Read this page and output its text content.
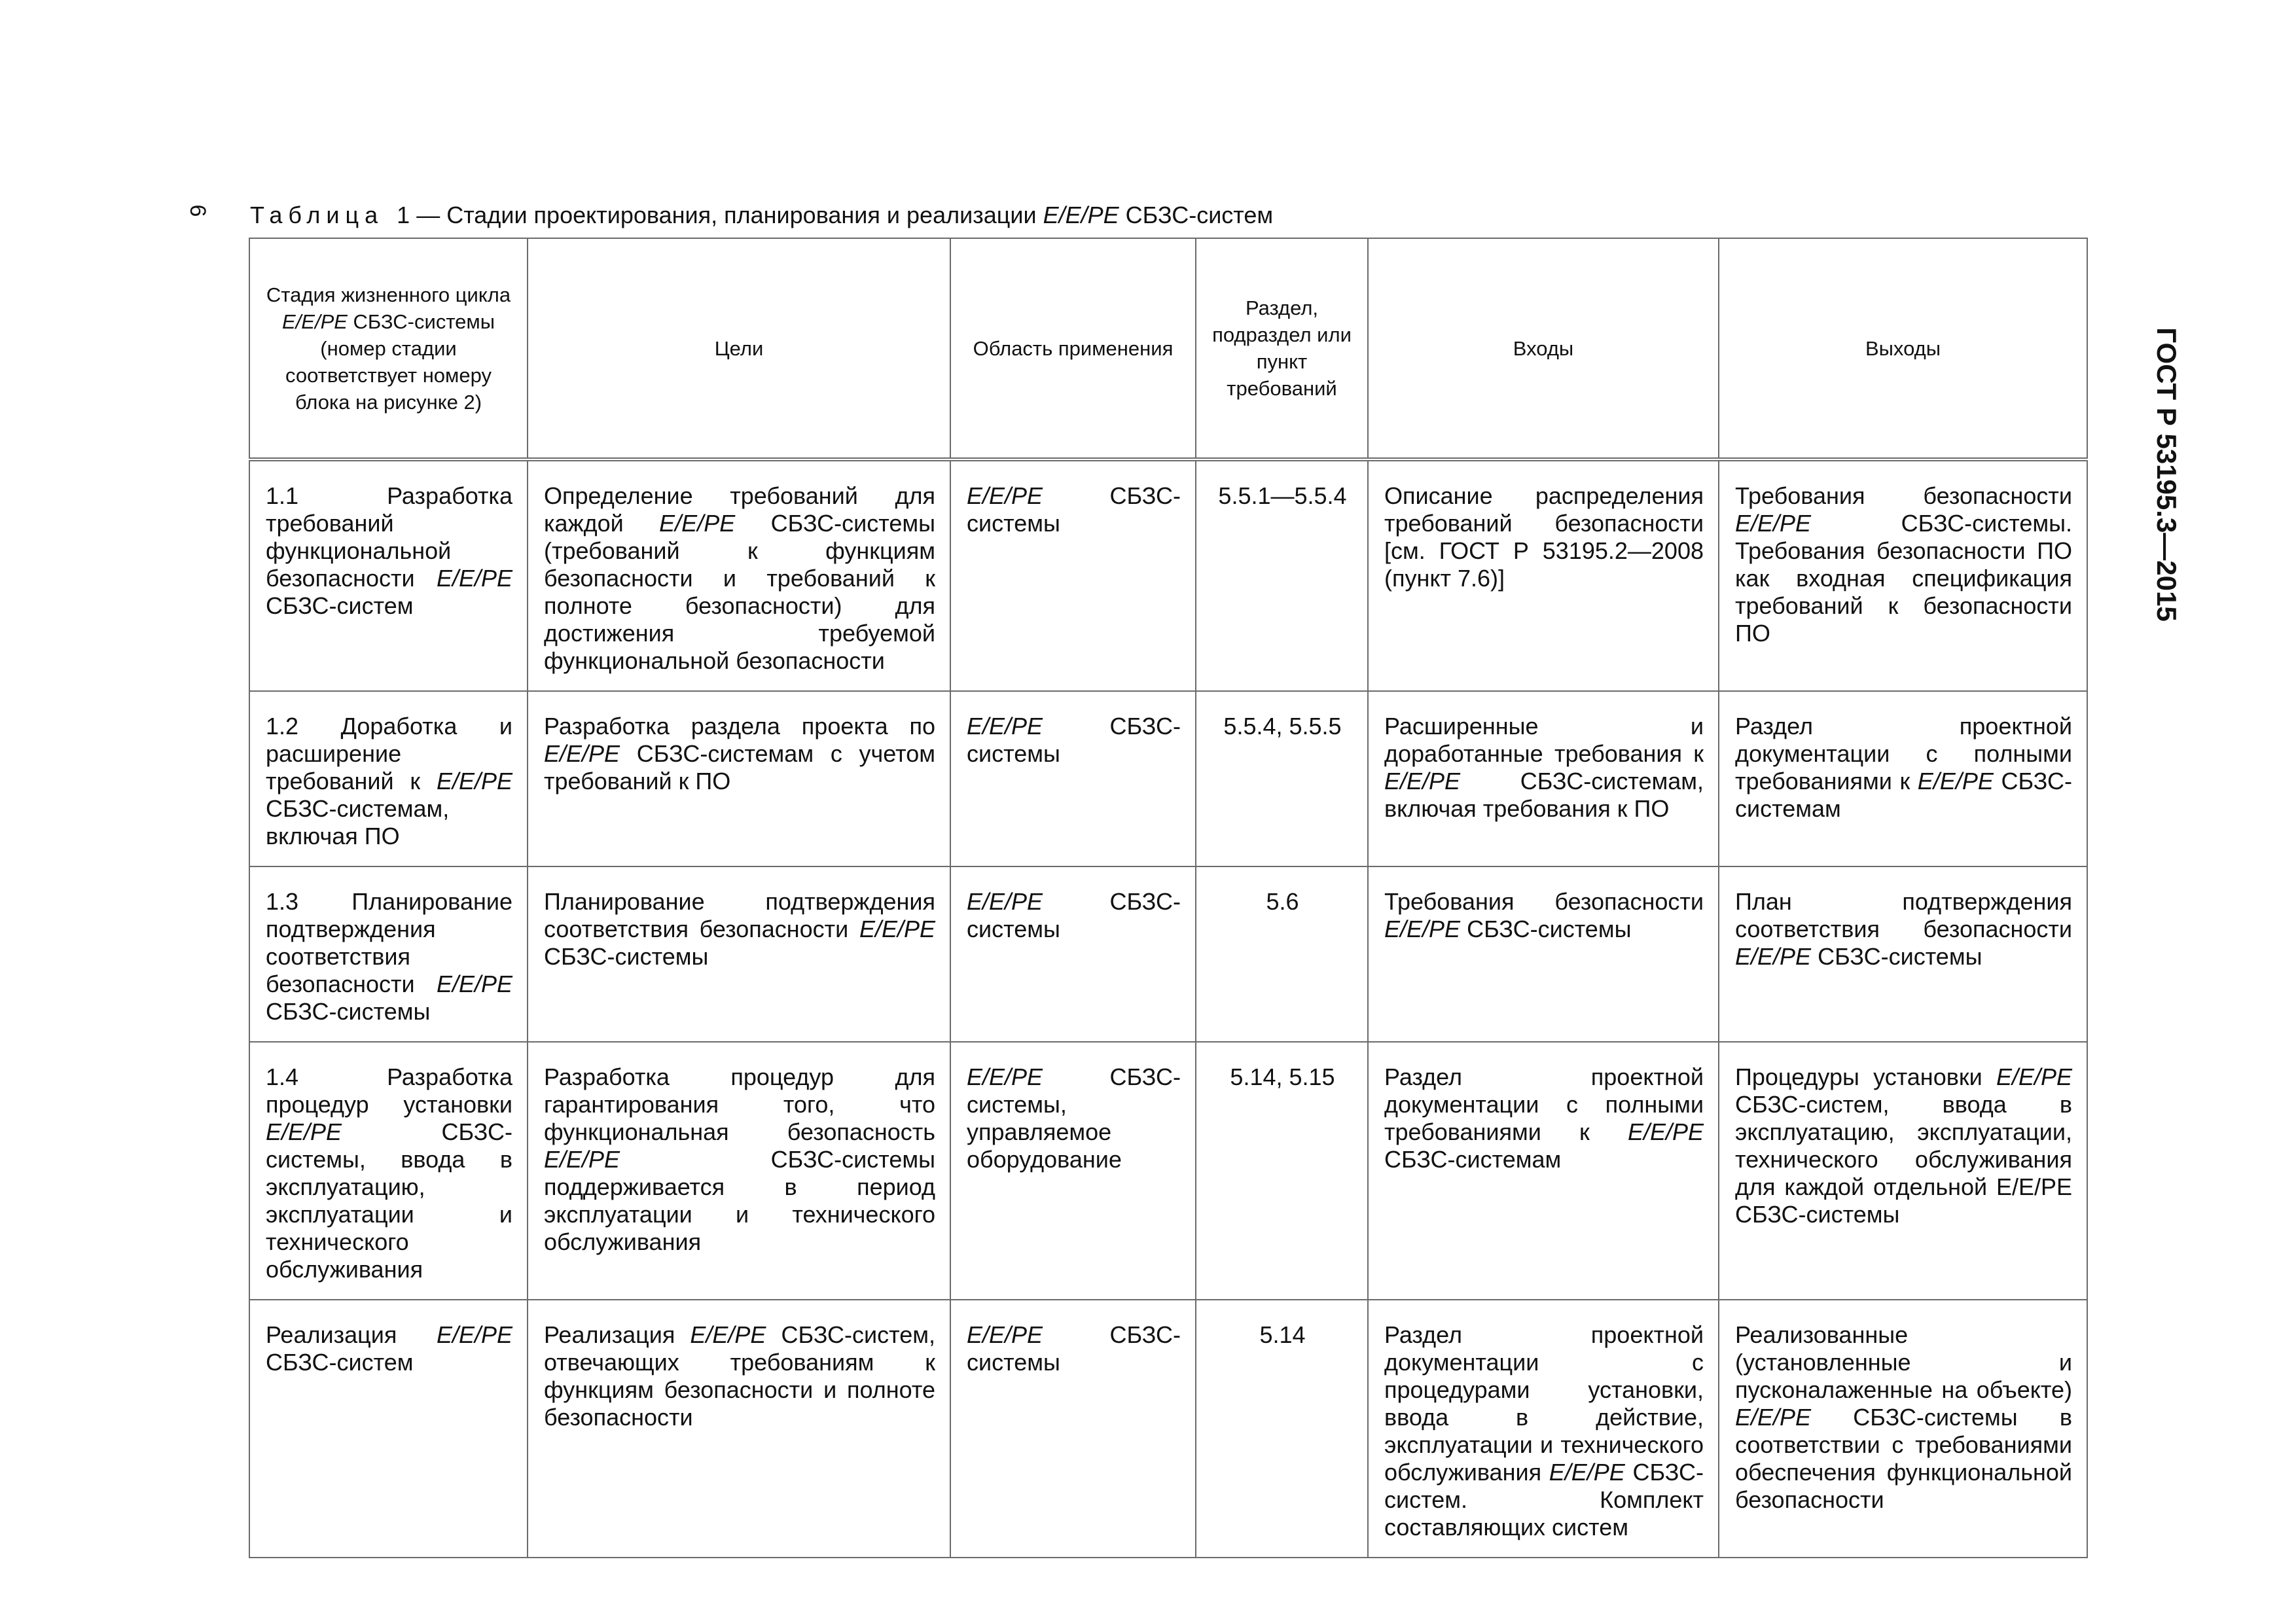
6
ГОСТ Р 53195.3—2015
Таблица 1 — Стадии проектирования, планирования и реализации E/E/PE СБЗС-систем
Стадия жизненного цикла E/E/PE СБЗС-системы (номер стадии соответствует номеру блока на рисунке 2)	Цели	Область применения	Раздел, подраздел или пункт требований	Входы	Выходы
1.1 Разработка требований функциональной безопасности E/E/PE СБЗС-систем	Определение требований для каждой E/E/PE СБЗС-системы (требований к функциям безопасности и требований к полноте безопасности) для достижения требуемой функциональной безопасности	E/E/PE СБЗС-системы	5.5.1—5.5.4	Описание распределения требований безопасности [см. ГОСТ Р 53195.2—2008 (пункт 7.6)]	Требования безопасности E/E/PE СБЗС-системы. Требования безопасности ПО как входная спецификация требований к безопасности ПО
1.2 Доработка и расширение требований к E/E/PE СБЗС-системам, включая ПО	Разработка раздела проекта по E/E/PE СБЗС-системам с учетом требований к ПО	E/E/PE СБЗС-системы	5.5.4, 5.5.5	Расширенные и доработанные требования к E/E/PE СБЗС-системам, включая требования к ПО	Раздел проектной документации с полными требованиями к E/E/PE СБЗС-системам
1.3 Планирование подтверждения соответствия безопасности E/E/PE СБЗС-системы	Планирование подтверждения соответствия безопасности E/E/PE СБЗС-системы	E/E/PE СБЗС-системы	5.6	Требования безопасности E/E/PE СБЗС-системы	План подтверждения соответствия безопасности E/E/PE СБЗС-системы
1.4 Разработка процедур установки E/E/PE СБЗС-системы, ввода в эксплуатацию, эксплуатации и технического обслуживания	Разработка процедур для гарантирования того, что функциональная безопасность E/E/PE СБЗС-системы поддерживается в период эксплуатации и технического обслуживания	E/E/PE СБЗС-системы, управляемое оборудование	5.14, 5.15	Раздел проектной документации с полными требованиями к E/E/PE СБЗС-системам	Процедуры установки E/E/PE СБЗС-систем, ввода в эксплуатацию, эксплуатации, технического обслуживания для каждой отдельной E/E/PE СБЗС-системы
Реализация E/E/PE СБЗС-систем	Реализация E/E/PE СБЗС-систем, отвечающих требованиям к функциям безопасности и полноте безопасности	E/E/PE СБЗС-системы	5.14	Раздел проектной документации с процедурами установки, ввода в действие, эксплуатации и технического обслуживания E/E/PE СБЗС-систем. Комплект составляющих систем	Реализованные (установленные и пусконалаженные на объекте) E/E/PE СБЗС-системы в соответствии с требованиями обеспечения функциональной безопасности
